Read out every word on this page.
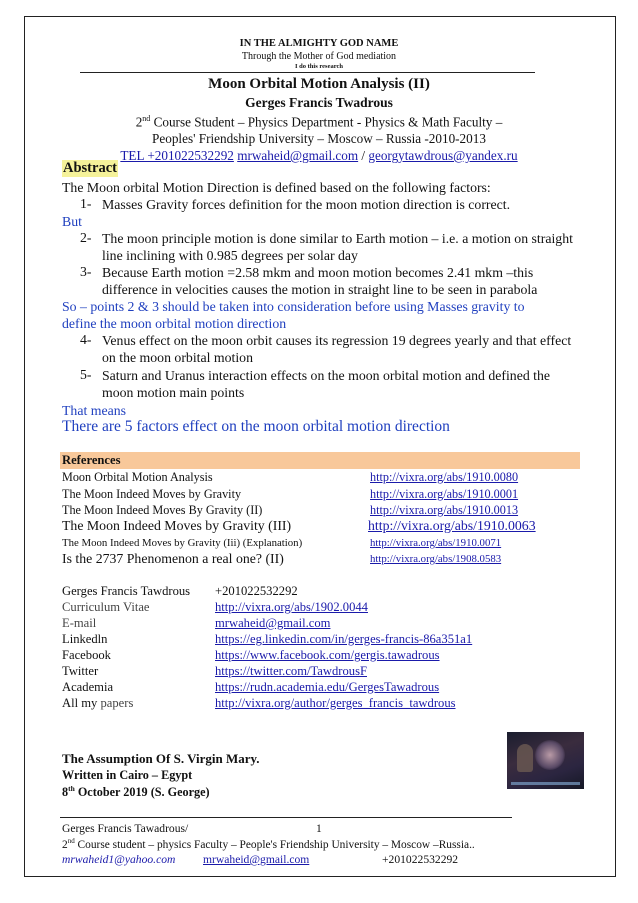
IN THE ALMIGHTY GOD NAME
Through the Mother of God mediation
I do this research
Moon Orbital Motion Analysis (II)
Gerges Francis Twadrous
2nd Course Student – Physics Department - Physics & Math Faculty –
Peoples' Friendship University – Moscow – Russia -2010-2013
TEL +201022532292 mrwaheid@gmail.com / georgytawdrous@yandex.ru
Abstract
The Moon orbital Motion Direction is defined based on the following factors:
1- Masses Gravity forces definition for the moon motion direction is correct.
But
2- The moon principle motion is done similar to Earth motion – i.e. a motion on straight line inclining with 0.985 degrees per solar day
3- Because Earth motion =2.58 mkm and moon motion becomes 2.41 mkm –this difference in velocities causes the motion in straight line to be seen in parabola
So – points 2 & 3 should be taken into consideration before using Masses gravity to
define the moon orbital motion direction
4- Venus effect on the moon orbit causes its regression 19 degrees yearly and that effect on the moon orbital motion
5- Saturn and Uranus interaction effects on the moon orbital motion and defined the moon motion main points
That means
There are 5 factors effect on the moon orbital motion direction
References
Moon Orbital Motion Analysis	http://vixra.org/abs/1910.0080
The Moon Indeed Moves by Gravity	http://vixra.org/abs/1910.0001
The Moon Indeed Moves By Gravity (II)	http://vixra.org/abs/1910.0013
The Moon Indeed Moves by Gravity (III)	http://vixra.org/abs/1910.0063
The Moon Indeed Moves by Gravity (Iii) (Explanation)	http://vixra.org/abs/1910.0071
Is the 2737 Phenomenon a real one? (II)	http://vixra.org/abs/1908.0583
Gerges Francis Tawdrous +201022532292
Curriculum Vitae	http://vixra.org/abs/1902.0044
E-mail	mrwaheid@gmail.com
Linkedln	https://eg.linkedin.com/in/gerges-francis-86a351a1
Facebook	https://www.facebook.com/gergis.tawadrous
Twitter	https://twitter.com/TawdrousF
Academia	https://rudn.academia.edu/GergesTawadrous
All my papers	http://vixra.org/author/gerges_francis_tawdrous
The Assumption Of S. Virgin Mary.
Written in Cairo – Egypt
8th October 2019 (S. George)
Gerges Francis Tawadrous/	1
2nd Course student – physics Faculty – People's Friendship University – Moscow –Russia..
mrwaheid1@yahoo.com mrwaheid@gmail.com	+201022532292
